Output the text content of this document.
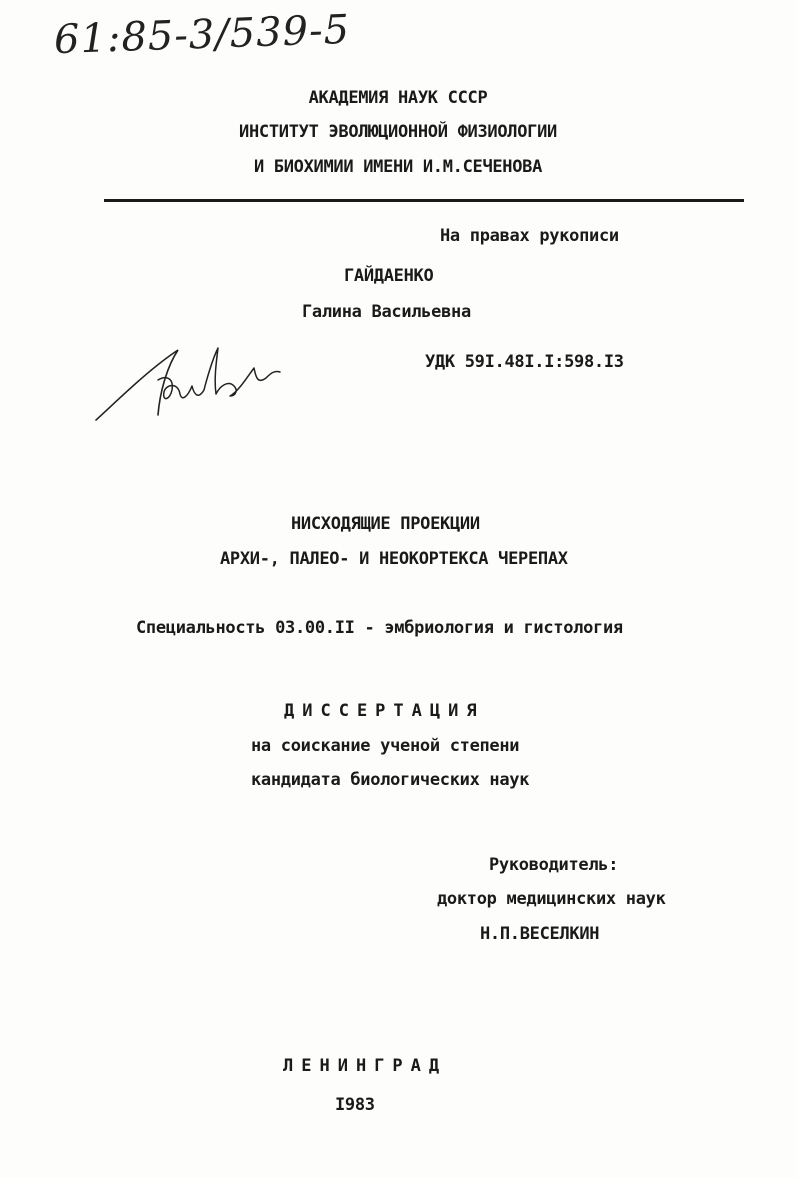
61:85-3/539-5
АКАДЕМИЯ НАУК СССР
ИНСТИТУТ ЭВОЛЮЦИОННОЙ ФИЗИОЛОГИИ
И БИОХИМИИ ИМЕНИ И.М.СЕЧЕНОВА
На правах рукописи
ГАЙДАЕНКО
Галина Васильевна
УДК 59I.48I.I:598.I3
НИСХОДЯЩИЕ ПРОЕКЦИИ
АРХИ-, ПАЛЕО- И НЕОКОРТЕКСА ЧЕРЕПАХ
Специальность 03.00.II - эмбриология и гистология
ДИССЕРТАЦИЯ
на соискание ученой степени
кандидата биологических наук
Руководитель:
доктор медицинских наук
Н.П.ВЕСЕЛКИН
ЛЕНИНГРАД
I983
